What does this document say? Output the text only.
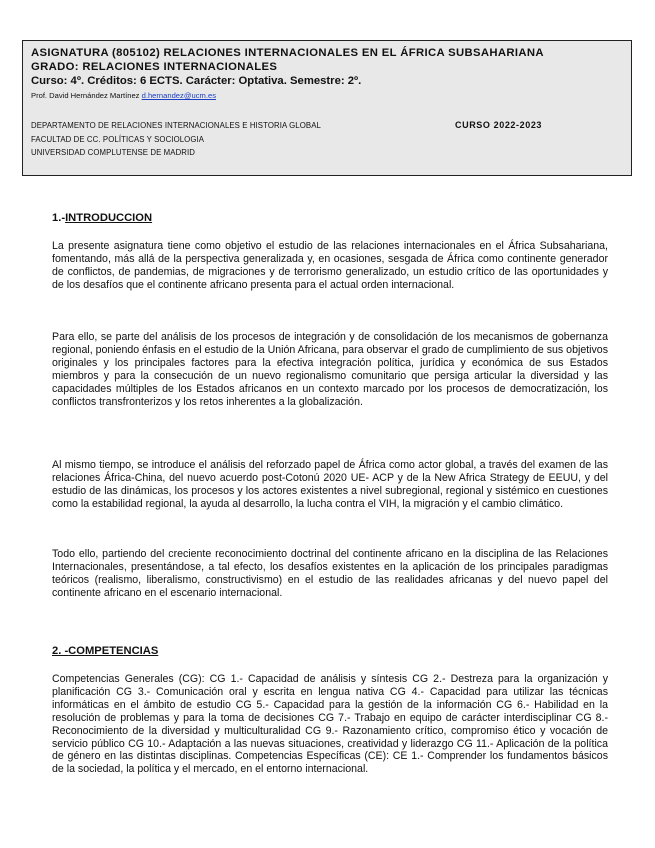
ASIGNATURA (805102) RELACIONES INTERNACIONALES EN EL ÁFRICA SUBSAHARIANA
GRADO: RELACIONES INTERNACIONALES
Curso: 4º. Créditos: 6 ECTS. Carácter: Optativa. Semestre: 2º.
Prof. David Hernández Martínez d.hernandez@ucm.es
DEPARTAMENTO DE RELACIONES INTERNACIONALES E HISTORIA GLOBAL	CURSO 2022-2023
FACULTAD DE CC. POLÍTICAS Y SOCIOLOGIA
UNIVERSIDAD COMPLUTENSE DE MADRID
1.-INTRODUCCION

La presente asignatura tiene como objetivo el estudio de las relaciones internacionales en el África Subsahariana, fomentando, más allá de la perspectiva generalizada y, en ocasiones, sesgada de África como continente generador de conflictos, de pandemias, de migraciones y de terrorismo generalizado, un estudio crítico de las oportunidades y de los desafíos que el continente africano presenta para el actual orden internacional.

Para ello, se parte del análisis de los procesos de integración y de consolidación de los mecanismos de gobernanza regional, poniendo énfasis en el estudio de la Unión Africana, para observar el grado de cumplimiento de sus objetivos originales y los principales factores para la efectiva integración política, jurídica y económica de sus Estados miembros y para la consecución de un nuevo regionalismo comunitario que persiga articular la diversidad y las capacidades múltiples de los Estados africanos en un contexto marcado por los procesos de democratización, los conflictos transfronterizos y los retos inherentes a la globalización.

Al mismo tiempo, se introduce el análisis del reforzado papel de África como actor global, a través del examen de las relaciones África-China, del nuevo acuerdo post-Cotonú 2020 UE- ACP y de la New Africa Strategy de EEUU, y del estudio de las dinámicas, los procesos y los actores existentes a nivel subregional, regional y sistémico en cuestiones como la estabilidad regional, la ayuda al desarrollo, la lucha contra el VIH, la migración y el cambio climático.

Todo ello, partiendo del creciente reconocimiento doctrinal del continente africano en la disciplina de las Relaciones Internacionales, presentándose, a tal efecto, los desafíos existentes en la aplicación de los principales paradigmas teóricos (realismo, liberalismo, constructivismo) en el estudio de las realidades africanas y del nuevo papel del continente africano en el escenario internacional.

2. -COMPETENCIAS

Competencias Generales (CG): CG 1.- Capacidad de análisis y síntesis CG 2.- Destreza para la organización y planificación CG 3.- Comunicación oral y escrita en lengua nativa CG 4.- Capacidad para utilizar las técnicas informáticas en el ámbito de estudio CG 5.- Capacidad para la gestión de la información CG 6.- Habilidad en la resolución de problemas y para la toma de decisiones CG 7.- Trabajo en equipo de carácter interdisciplinar CG 8.- Reconocimiento de la diversidad y multiculturalidad CG 9.- Razonamiento crítico, compromiso ético y vocación de servicio público CG 10.- Adaptación a las nuevas situaciones, creatividad y liderazgo CG 11.- Aplicación de la política de género en las distintas disciplinas. Competencias Específicas (CE): CE 1.- Comprender los fundamentos básicos de la sociedad, la política y el mercado, en el entorno internacional.
